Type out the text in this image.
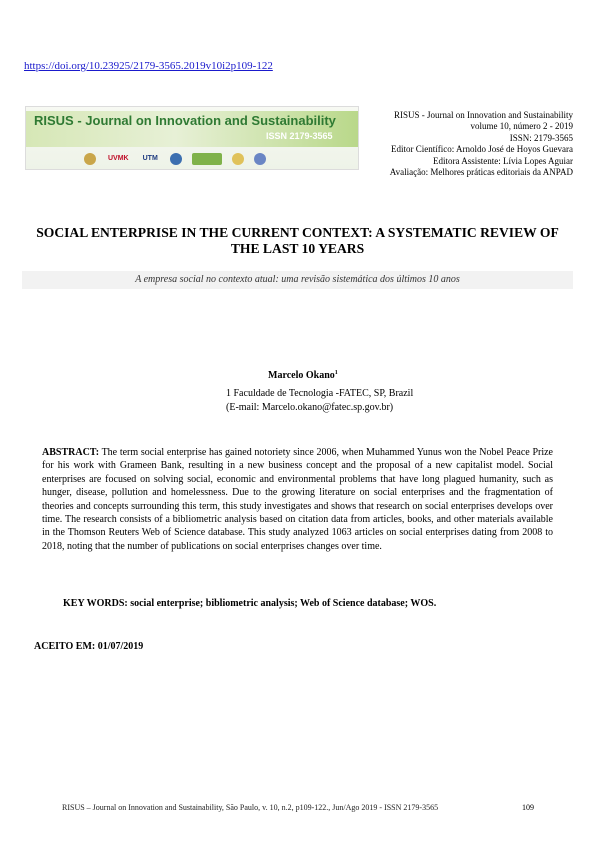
https://doi.org/10.23925/2179-3565.2019v10i2p109-122
RISUS - Journal on Innovation and Sustainability
ISSN 2179-3565
UVMK UTM
RISUS - Journal on Innovation and Sustainability
volume 10, número 2 - 2019
ISSN: 2179-3565
Editor Científico: Arnoldo José de Hoyos Guevara
Editora Assistente: Lívia Lopes Aguiar
Avaliação: Melhores práticas editoriais da ANPAD
SOCIAL ENTERPRISE IN THE CURRENT CONTEXT: A SYSTEMATIC REVIEW OF
THE LAST 10 YEARS
A empresa social no contexto atual: uma revisão sistemática dos últimos 10 anos
Marcelo Okano$^1$
1 Faculdade de Tecnologia -FATEC, SP, Brazil
(E-mail: Marcelo.okano@fatec.sp.gov.br)
ABSTRACT: The term social enterprise has gained notoriety since 2006, when Muhammed Yunus won the Nobel Peace Prize for his work with Grameen Bank, resulting in a new business concept and the proposal of a new capitalist model. Social enterprises are focused on solving social, economic and environmental problems that have long plagued humanity, such as hunger, disease, pollution and homelessness. Due to the growing literature on social enterprises and the fragmentation of theories and concepts surrounding this term, this study investigates and shows that research on social enterprises develops over time. The research consists of a bibliometric analysis based on citation data from articles, books, and other materials available in the Thomson Reuters Web of Science database. This study analyzed 1063 articles on social enterprises dating from 2008 to 2018, noting that the number of publications on social enterprises changes over time.
KEY WORDS: social enterprise; bibliometric analysis; Web of Science database; WOS.
ACEITO EM: 01/07/2019
RISUS – Journal on Innovation and Sustainability, São Paulo, v. 10, n.2, p109-122., Jun/Ago 2019 - ISSN 2179-3565	109
